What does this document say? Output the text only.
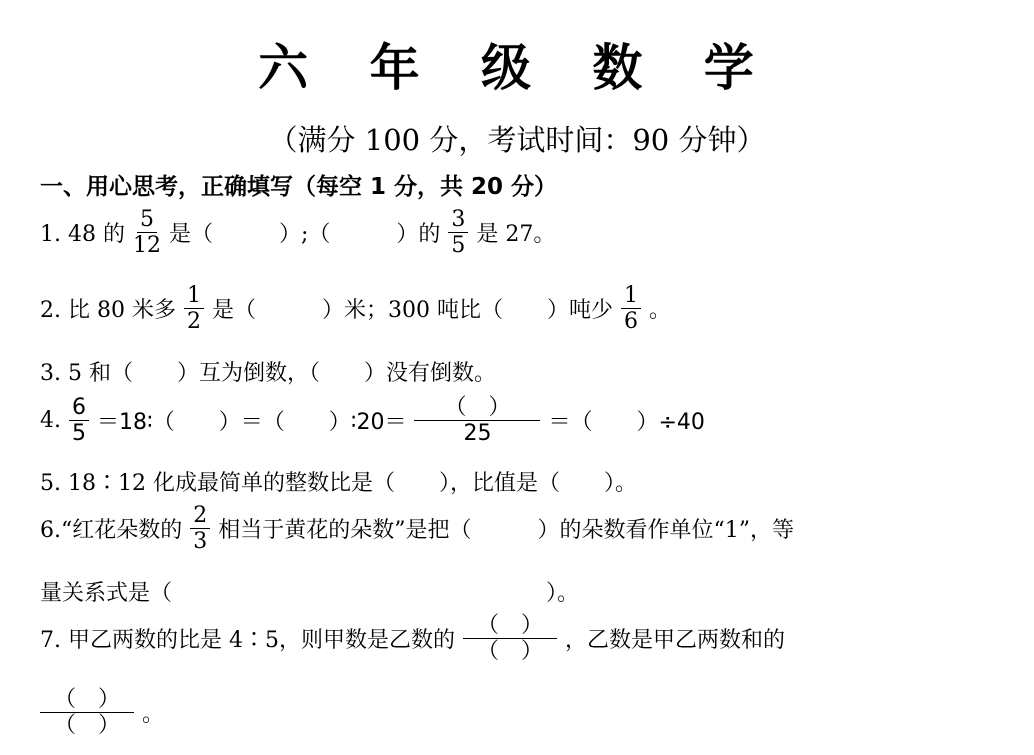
六 年 级 数 学
（满分 100 分，考试时间：90 分钟）
一、用心思考，正确填写（每空 1 分，共 20 分）
1. 48 的 $\frac{5}{12}$ 是（　　　）;（　　　）的 $\frac{3}{5}$ 是 27。
2. 比 80 米多 $\frac{1}{2}$ 是（　　　）米；300 吨比（　　）吨少 $\frac{1}{6}$ 。
3. 5 和（　　）互为倒数，（　　）没有倒数。
4. $\frac{6}{5}$ ＝18∶（　　）＝（　　）∶20＝ $\frac{( )}{25}$ ＝（　　）÷40
5. 18∶12 化成最简单的整数比是（　　），比值是（　　）。
6.“红花朵数的 $\frac{2}{3}$ 相当于黄花的朵数”是把（　　　）的朵数看作单位“1”，等
量关系式是（　　　　　　　　　　　　　　　　　）。
7. 甲乙两数的比是 4∶5，则甲数是乙数的 $\frac{( )}{( )}$ ，乙数是甲乙两数和的
$\frac{( )}{( )}$ 。
